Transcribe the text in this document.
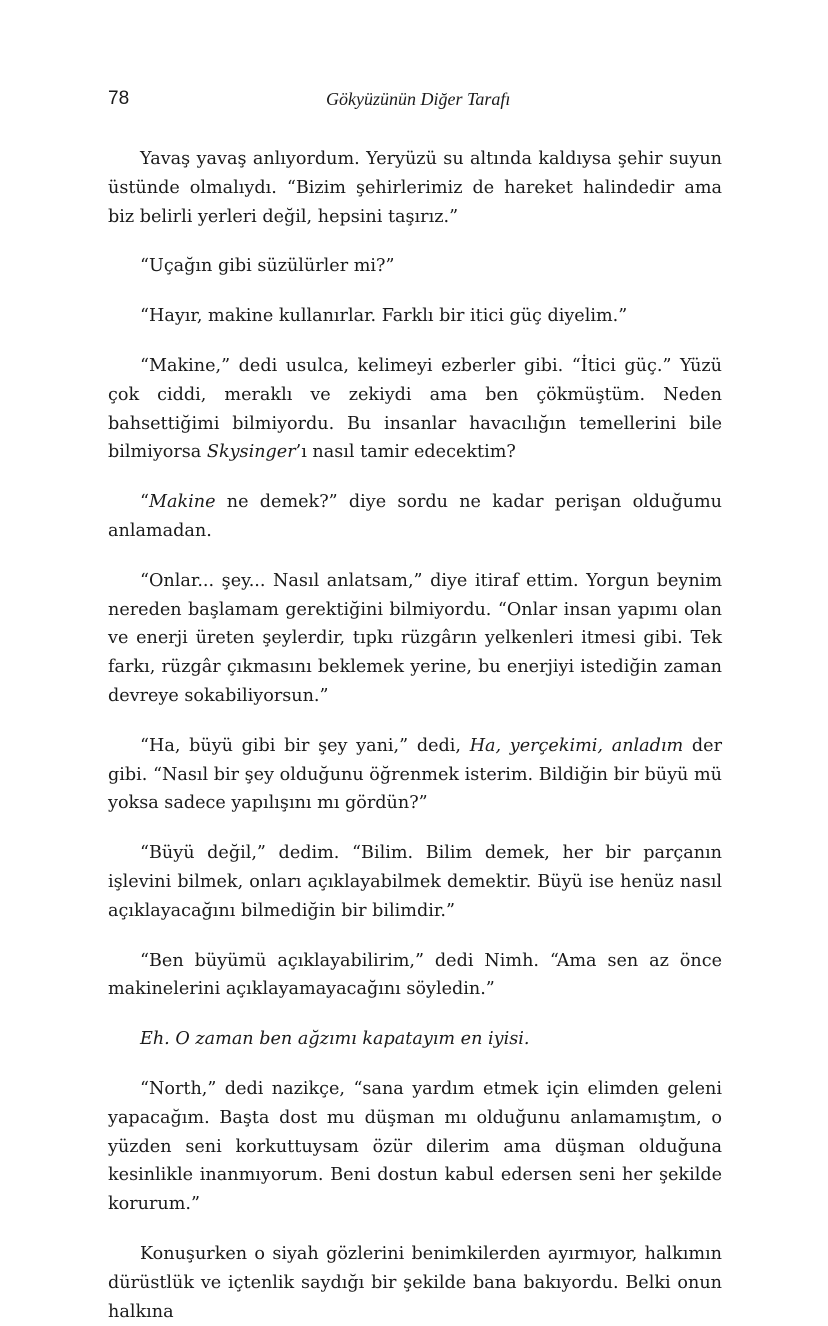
78	Gökyüzünün Diğer Tarafı

Yavaş yavaş anlıyordum. Yeryüzü su altında kaldıysa şehir suyun üstünde olmalıydı. “Bizim şehirlerimiz de hareket halindedir ama biz belirli yerleri değil, hepsini taşırız.”

“Uçağın gibi süzülürler mi?”

“Hayır, makine kullanırlar. Farklı bir itici güç diyelim.”

“Makine,” dedi usulca, kelimeyi ezberler gibi. “İtici güç.” Yüzü çok ciddi, meraklı ve zekiydi ama ben çökmüştüm. Neden bahsettiğimi bilmiyordu. Bu insanlar havacılığın temellerini bile bilmiyorsa Skysinger’ı nasıl tamir edecektim?

“Makine ne demek?” diye sordu ne kadar perişan olduğumu anlamadan.

“Onlar... şey... Nasıl anlatsam,” diye itiraf ettim. Yorgun beynim nereden başlamam gerektiğini bilmiyordu. “Onlar insan yapımı olan ve enerji üreten şeylerdir, tıpkı rüzgârın yelkenleri itmesi gibi. Tek farkı, rüzgâr çıkmasını beklemek yerine, bu enerjiyi istediğin zaman devreye sokabiliyorsun.”

“Ha, büyü gibi bir şey yani,” dedi, Ha, yerçekimi, anladım der gibi. “Nasıl bir şey olduğunu öğrenmek isterim. Bildiğin bir büyü mü yoksa sadece yapılışını mı gördün?”

“Büyü değil,” dedim. “Bilim. Bilim demek, her bir parçanın işlevini bilmek, onları açıklayabilmek demektir. Büyü ise henüz nasıl açıklayacağını bilmediğin bir bilimdir.”

“Ben büyümü açıklayabilirim,” dedi Nimh. “Ama sen az önce makinelerini açıklayamayacağını söyledin.”

Eh. O zaman ben ağzımı kapatayım en iyisi.

“North,” dedi nazikçe, “sana yardım etmek için elimden geleni yapacağım. Başta dost mu düşman mı olduğunu anlamamıştım, o yüzden seni korkuttuysam özür dilerim ama düşman olduğuna kesinlikle inanmıyorum. Beni dostun kabul edersen seni her şekilde korurum.”

Konuşurken o siyah gözlerini benimkilerden ayırmıyor, halkımın dürüstlük ve içtenlik saydığı bir şekilde bana bakıyordu. Belki onun halkına
